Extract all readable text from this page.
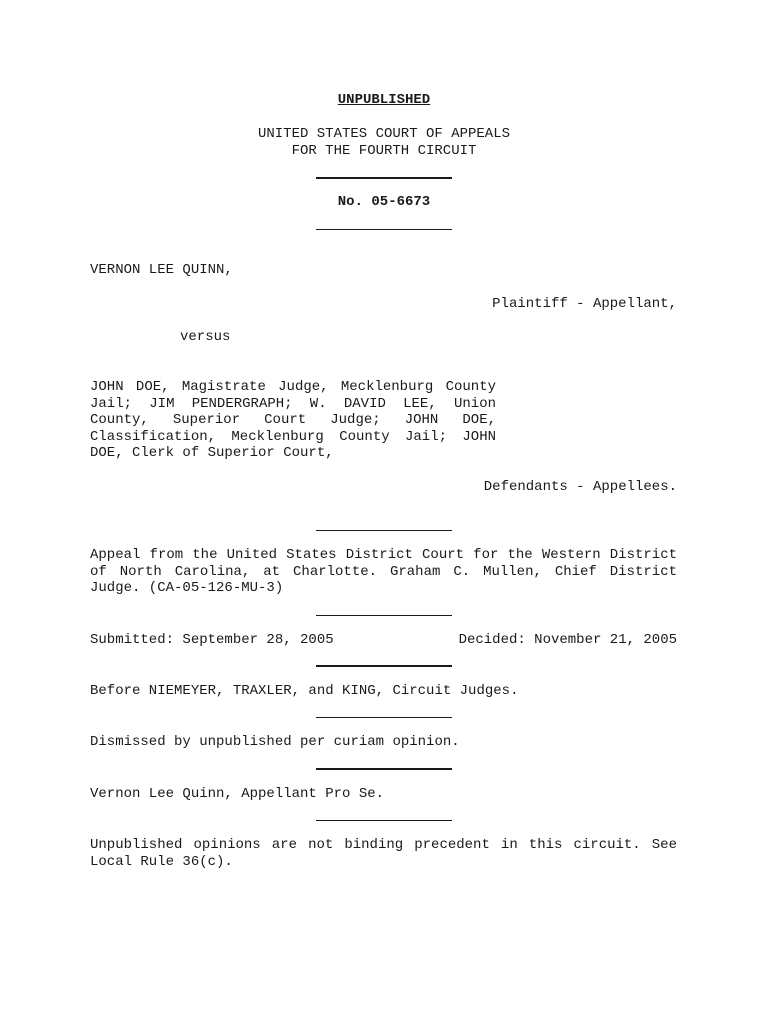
UNPUBLISHED
UNITED STATES COURT OF APPEALS
FOR THE FOURTH CIRCUIT
No. 05-6673
VERNON LEE QUINN,
Plaintiff - Appellant,
versus
JOHN DOE, Magistrate Judge, Mecklenburg County Jail; JIM PENDERGRAPH; W. DAVID LEE, Union County, Superior Court Judge; JOHN DOE, Classification, Mecklenburg County Jail; JOHN DOE, Clerk of Superior Court,
Defendants - Appellees.
Appeal from the United States District Court for the Western District of North Carolina, at Charlotte. Graham C. Mullen, Chief District Judge. (CA-05-126-MU-3)
Submitted: September 28, 2005	Decided: November 21, 2005
Before NIEMEYER, TRAXLER, and KING, Circuit Judges.
Dismissed by unpublished per curiam opinion.
Vernon Lee Quinn, Appellant Pro Se.
Unpublished opinions are not binding precedent in this circuit. See Local Rule 36(c).
